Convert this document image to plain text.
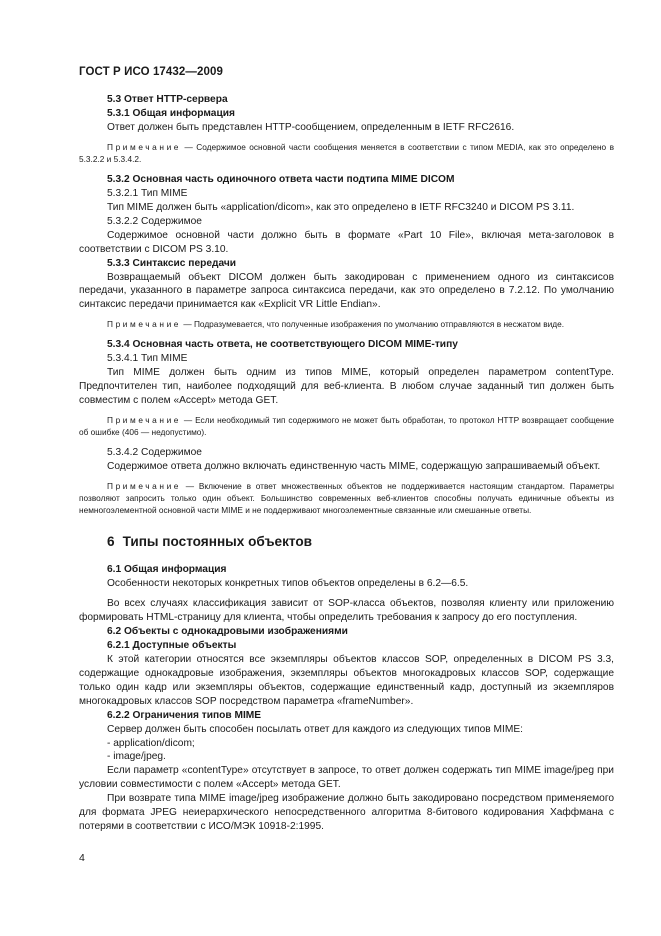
ГОСТ Р ИСО 17432—2009

5.3 Ответ HTTP-сервера

5.3.1 Общая информация

Ответ должен быть представлен HTTP-сообщением, определенным в IETF RFC2616.

Примечание — Содержимое основной части сообщения меняется в соответствии с типом MEDIA, как это определено в 5.3.2.2 и 5.3.4.2.

5.3.2 Основная часть одиночного ответа части подтипа MIME DICOM

5.3.2.1 Тип MIME

Тип MIME должен быть «application/dicom», как это определено в IETF RFC3240 и DICOM PS 3.11.

5.3.2.2 Содержимое

Содержимое основной части должно быть в формате «Part 10 File», включая мета-заголовок в соответствии с DICOM PS 3.10.

5.3.3 Синтаксис передачи

Возвращаемый объект DICOM должен быть закодирован с применением одного из синтаксисов передачи, указанного в параметре запроса синтаксиса передачи, как это определено в 7.2.12. По умолчанию синтаксис передачи принимается как «Explicit VR Little Endian».

Примечание — Подразумевается, что полученные изображения по умолчанию отправляются в несжатом виде.

5.3.4 Основная часть ответа, не соответствующего DICOM MIME-типу

5.3.4.1 Тип MIME

Тип MIME должен быть одним из типов MIME, который определен параметром contentType. Предпочтителен тип, наиболее подходящий для веб-клиента. В любом случае заданный тип должен быть совместим с полем «Accept» метода GET.

Примечание — Если необходимый тип содержимого не может быть обработан, то протокол HTTP возвращает сообщение об ошибке (406 — недопустимо).

5.3.4.2 Содержимое

Содержимое ответа должно включать единственную часть MIME, содержащую запрашиваемый объект.

Примечание — Включение в ответ множественных объектов не поддерживается настоящим стандартом. Параметры позволяют запросить только один объект. Большинство современных веб-клиентов способны получать единичные объекты из немногоэлементной основной части MIME и не поддерживают многоэлементные связанные или смешанные ответы.

6 Типы постоянных объектов

6.1 Общая информация

Особенности некоторых конкретных типов объектов определены в 6.2—6.5.

Во всех случаях классификация зависит от SOP-класса объектов, позволяя клиенту или приложению формировать HTML-страницу для клиента, чтобы определить требования к запросу до его поступления.

6.2 Объекты с однокадровыми изображениями

6.2.1 Доступные объекты

К этой категории относятся все экземпляры объектов классов SOP, определенных в DICOM PS 3.3, содержащие однокадровые изображения, экземпляры объектов многокадровых классов SOP, содержащие только один кадр или экземпляры объектов, содержащие единственный кадр, доступный из экземпляров многокадровых классов SOP посредством параметра «frameNumber».

6.2.2 Ограничения типов MIME

Сервер должен быть способен посылать ответ для каждого из следующих типов MIME:

- application/dicom;

- image/jpeg.

Если параметр «contentType» отсутствует в запросе, то ответ должен содержать тип MIME image/jpeg при условии совместимости с полем «Accept» метода GET.

При возврате типа MIME image/jpeg изображение должно быть закодировано посредством применяемого для формата JPEG неиерархического непосредственного алгоритма 8-битового кодирования Хаффмана с потерями в соответствии с ИСО/МЭК 10918-2:1995.

4
